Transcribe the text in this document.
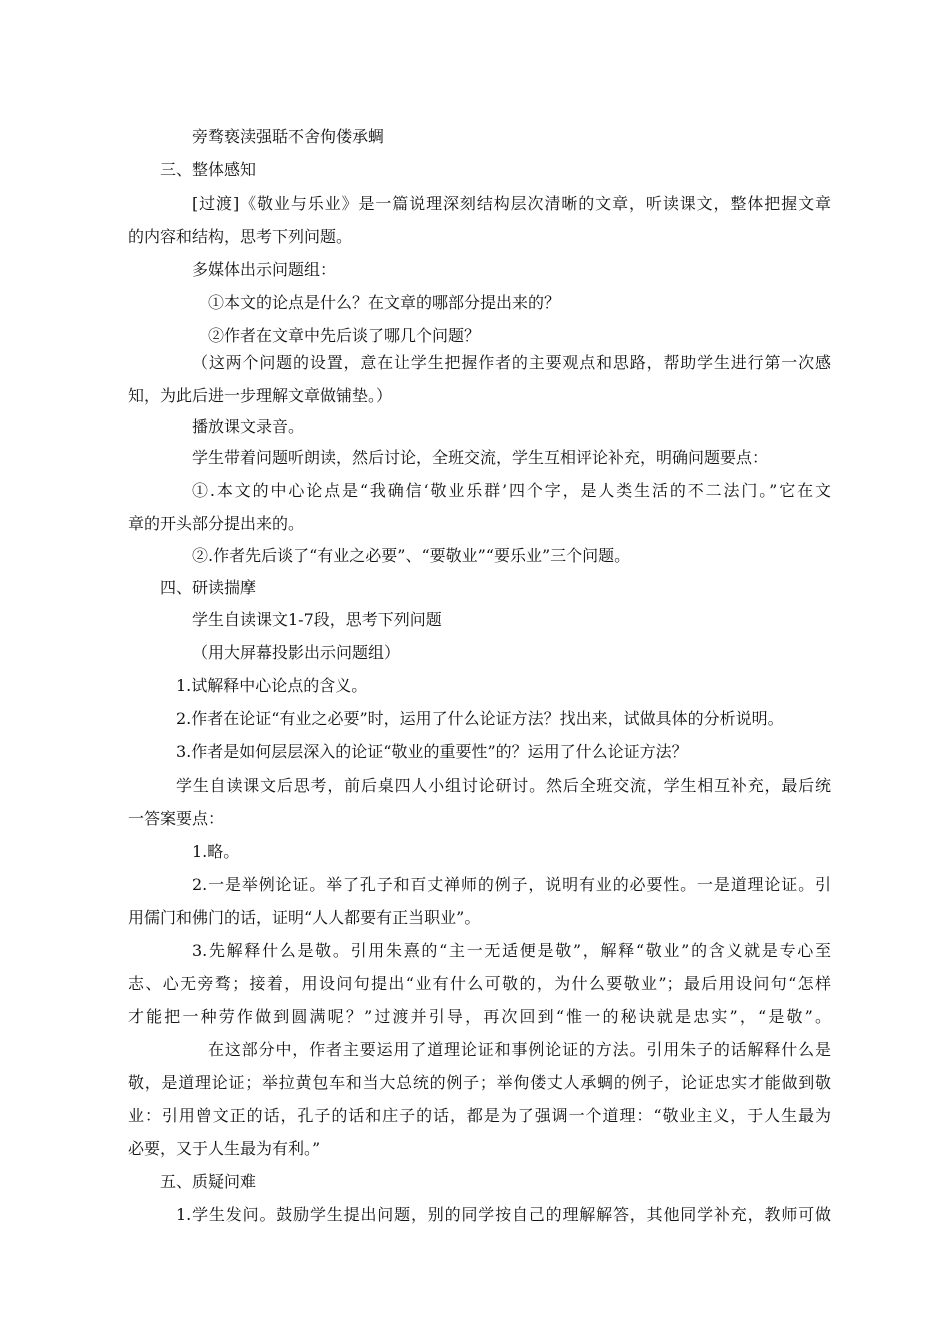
旁骛亵渎强聒不舍佝偻承蜩
三、整体感知
[过渡]《敬业与乐业》是一篇说理深刻结构层次清晰的文章，听读课文，整体把握文章
的内容和结构，思考下列问题。
多媒体出示问题组：
①本文的论点是什么？在文章的哪部分提出来的？
②作者在文章中先后谈了哪几个问题？
（这两个问题的设置，意在让学生把握作者的主要观点和思路，帮助学生进行第一次感
知，为此后进一步理解文章做铺垫。）
播放课文录音。
学生带着问题听朗读，然后讨论，全班交流，学生互相评论补充，明确问题要点：
①.本文的中心论点是“我确信‘敬业乐群’四个字，是人类生活的不二法门。”它在文
章的开头部分提出来的。
②.作者先后谈了“有业之必要”、“要敬业”“要乐业”三个问题。
四、研读揣摩
学生自读课文1-7段，思考下列问题
（用大屏幕投影出示问题组）
1.试解释中心论点的含义。
2.作者在论证“有业之必要”时，运用了什么论证方法？找出来，试做具体的分析说明。
3.作者是如何层层深入的论证“敬业的重要性”的？运用了什么论证方法？
学生自读课文后思考，前后桌四人小组讨论研讨。然后全班交流，学生相互补充，最后统
一答案要点：
1.略。
2.一是举例论证。举了孔子和百丈禅师的例子，说明有业的必要性。一是道理论证。引
用儒门和佛门的话，证明“人人都要有正当职业”。
3.先解释什么是敬。引用朱熹的“主一无适便是敬”，解释“敬业”的含义就是专心至
志、心无旁骛；接着，用设问句提出“业有什么可敬的，为什么要敬业”；最后用设问句“怎样
才能把一种劳作做到圆满呢？”过渡并引导，再次回到“惟一的秘诀就是忠实”，“是敬”。
在这部分中，作者主要运用了道理论证和事例论证的方法。引用朱子的话解释什么是
敬，是道理论证；举拉黄包车和当大总统的例子；举佝偻丈人承蜩的例子，论证忠实才能做到敬
业：引用曾文正的话，孔子的话和庄子的话，都是为了强调一个道理：“敬业主义，于人生最为
必要，又于人生最为有利。”
五、质疑问难
1.学生发问。鼓励学生提出问题，别的同学按自己的理解解答，其他同学补充，教师可做
